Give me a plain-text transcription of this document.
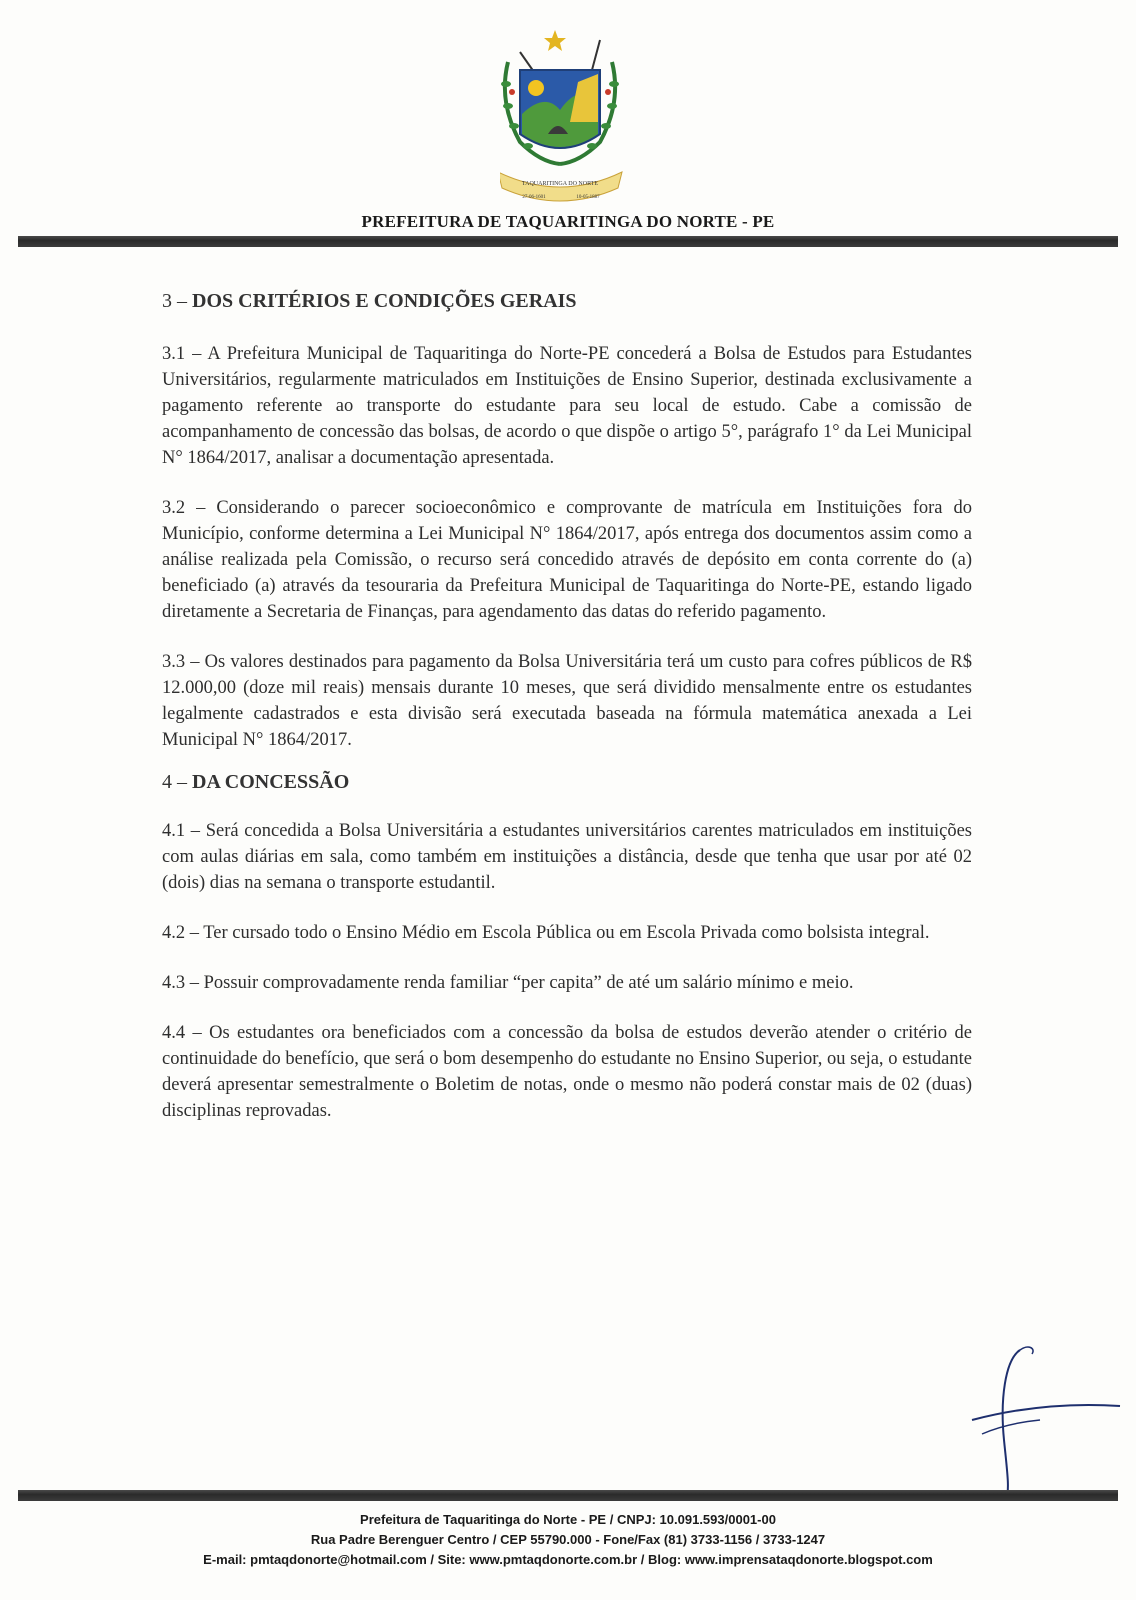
TAQUARITINGA DO NORTE
27-06-1601	10-05-1887
PREFEITURA DE TAQUARITINGA DO NORTE - PE
3 – DOS CRITÉRIOS E CONDIÇÕES GERAIS

3.1 – A Prefeitura Municipal de Taquaritinga do Norte-PE concederá a Bolsa de Estudos para Estudantes Universitários, regularmente matriculados em Instituições de Ensino Superior, destinada exclusivamente a pagamento referente ao transporte do estudante para seu local de estudo. Cabe a comissão de acompanhamento de concessão das bolsas, de acordo o que dispõe o artigo 5°, parágrafo 1° da Lei Municipal N° 1864/2017, analisar a documentação apresentada.

3.2 – Considerando o parecer socioeconômico e comprovante de matrícula em Instituições fora do Município, conforme determina a Lei Municipal N° 1864/2017, após entrega dos documentos assim como a análise realizada pela Comissão, o recurso será concedido através de depósito em conta corrente do (a) beneficiado (a) através da tesouraria da Prefeitura Municipal de Taquaritinga do Norte-PE, estando ligado diretamente a Secretaria de Finanças, para agendamento das datas do referido pagamento.

3.3 – Os valores destinados para pagamento da Bolsa Universitária terá um custo para cofres públicos de R$ 12.000,00 (doze mil reais) mensais durante 10 meses, que será dividido mensalmente entre os estudantes legalmente cadastrados e esta divisão será executada baseada na fórmula matemática anexada a Lei Municipal N° 1864/2017.

4 – DA CONCESSÃO

4.1 – Será concedida a Bolsa Universitária a estudantes universitários carentes matriculados em instituições com aulas diárias em sala, como também em instituições a distância, desde que tenha que usar por até 02 (dois) dias na semana o transporte estudantil.

4.2 – Ter cursado todo o Ensino Médio em Escola Pública ou em Escola Privada como bolsista integral.

4.3 – Possuir comprovadamente renda familiar “per capita” de até um salário mínimo e meio.

4.4 – Os estudantes ora beneficiados com a concessão da bolsa de estudos deverão atender o critério de continuidade do benefício, que será o bom desempenho do estudante no Ensino Superior, ou seja, o estudante deverá apresentar semestralmente o Boletim de notas, onde o mesmo não poderá constar mais de 02 (duas) disciplinas reprovadas.

Prefeitura de Taquaritinga do Norte - PE / CNPJ: 10.091.593/0001-00
Rua Padre Berenguer Centro / CEP 55790.000 - Fone/Fax (81) 3733-1156 / 3733-1247
E-mail: pmtaqdonorte@hotmail.com / Site: www.pmtaqdonorte.com.br / Blog: www.imprensataqdonorte.blogspot.com
